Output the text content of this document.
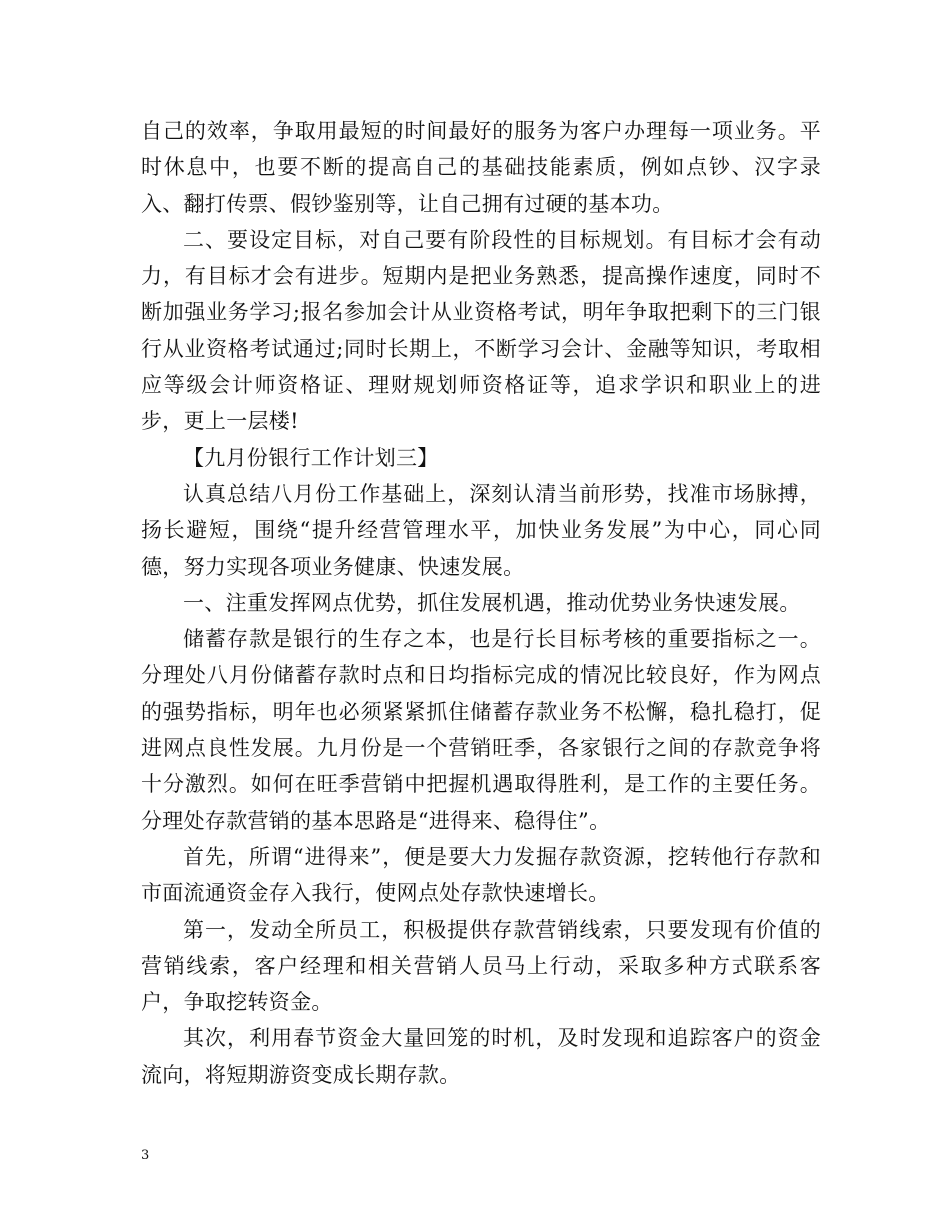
自己的效率，争取用最短的时间最好的服务为客户办理每一项业务。平时休息中，也要不断的提高自己的基础技能素质，例如点钞、汉字录入、翻打传票、假钞鉴别等，让自己拥有过硬的基本功。

二、要设定目标，对自己要有阶段性的目标规划。有目标才会有动力，有目标才会有进步。短期内是把业务熟悉，提高操作速度，同时不断加强业务学习;报名参加会计从业资格考试，明年争取把剩下的三门银行从业资格考试通过;同时长期上，不断学习会计、金融等知识，考取相应等级会计师资格证、理财规划师资格证等，追求学识和职业上的进步，更上一层楼!

【九月份银行工作计划三】

认真总结八月份工作基础上，深刻认清当前形势，找准市场脉搏，扬长避短，围绕“提升经营管理水平，加快业务发展”为中心，同心同德，努力实现各项业务健康、快速发展。

一、注重发挥网点优势，抓住发展机遇，推动优势业务快速发展。

储蓄存款是银行的生存之本，也是行长目标考核的重要指标之一。分理处八月份储蓄存款时点和日均指标完成的情况比较良好，作为网点的强势指标，明年也必须紧紧抓住储蓄存款业务不松懈，稳扎稳打，促进网点良性发展。九月份是一个营销旺季，各家银行之间的存款竞争将十分激烈。如何在旺季营销中把握机遇取得胜利，是工作的主要任务。分理处存款营销的基本思路是“进得来、稳得住”。

首先，所谓“进得来”，便是要大力发掘存款资源，挖转他行存款和市面流通资金存入我行，使网点处存款快速增长。

第一，发动全所员工，积极提供存款营销线索，只要发现有价值的营销线索，客户经理和相关营销人员马上行动，采取多种方式联系客户，争取挖转资金。

其次，利用春节资金大量回笼的时机，及时发现和追踪客户的资金流向，将短期游资变成长期存款。

3
